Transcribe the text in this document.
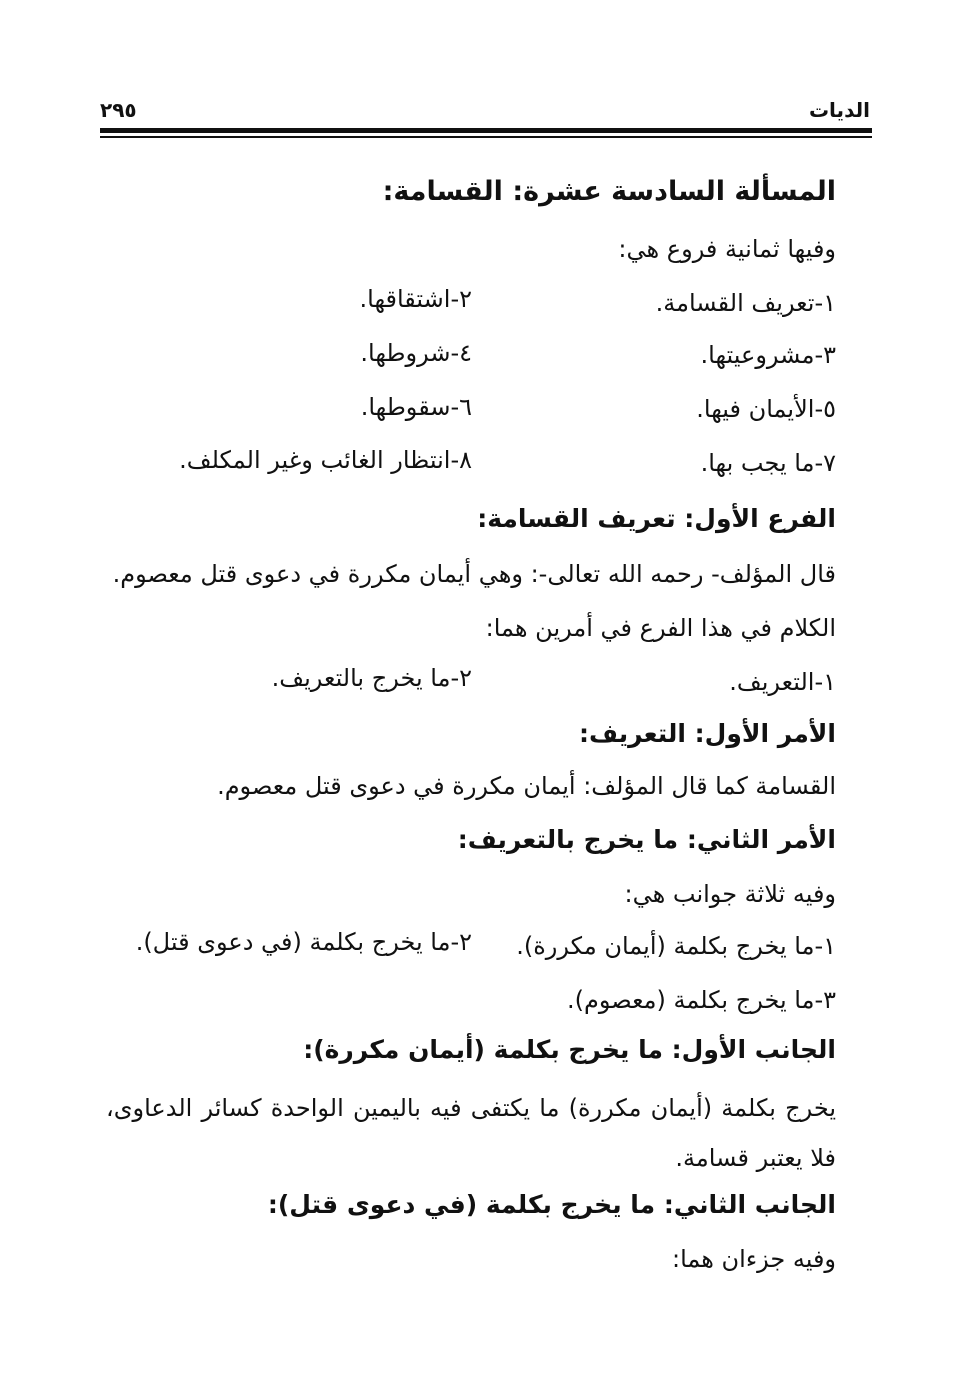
الديات
٢٩٥
المسألة السادسة عشرة: القسامة:
وفيها ثمانية فروع هي:
١-تعريف القسامة.
٢-اشتقاقها.
٣-مشروعيتها.
٤-شروطها.
٥-الأيمان فيها.
٦-سقوطها.
٧-ما يجب بها.
٨-انتظار الغائب وغير المكلف.
الفرع الأول: تعريف القسامة:
قال المؤلف- رحمه الله تعالى-: وهي أيمان مكررة في دعوى قتل معصوم.
الكلام في هذا الفرع في أمرين هما:
١-التعريف.
٢-ما يخرج بالتعريف.
الأمر الأول: التعريف:
القسامة كما قال المؤلف: أيمان مكررة في دعوى قتل معصوم.
الأمر الثاني: ما يخرج بالتعريف:
وفيه ثلاثة جوانب هي:
١-ما يخرج بكلمة (أيمان مكررة).
٢-ما يخرج بكلمة (في دعوى قتل).
٣-ما يخرج بكلمة (معصوم).
الجانب الأول: ما يخرج بكلمة (أيمان مكررة):
يخرج بكلمة (أيمان مكررة) ما يكتفى فيه باليمين الواحدة كسائر الدعاوى، فلا يعتبر قسامة.
الجانب الثاني: ما يخرج بكلمة (في دعوى قتل):
وفيه جزءان هما:
